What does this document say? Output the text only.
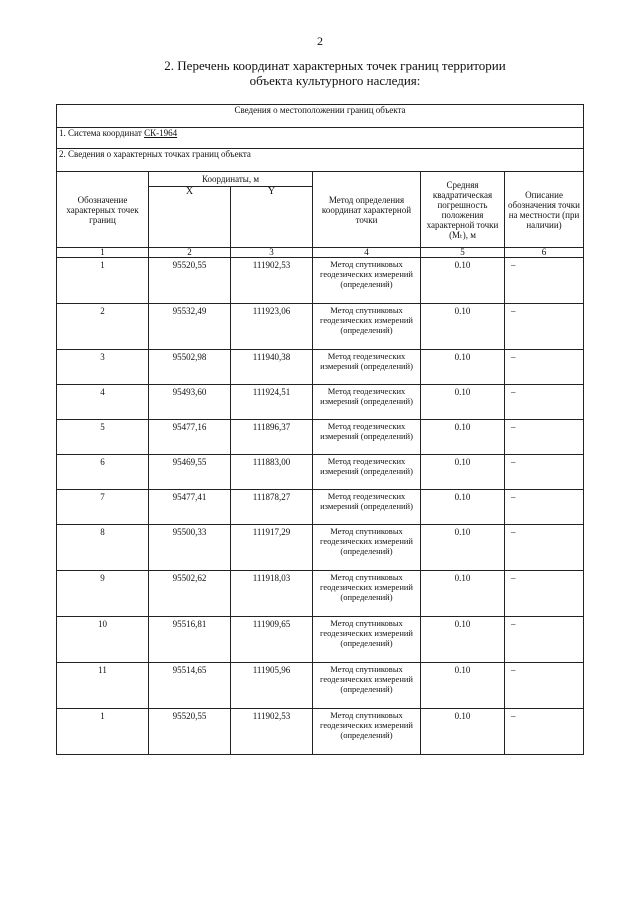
2
2. Перечень координат характерных точек границ территории
объекта культурного наследия:
Сведения о местоположении границ объекта					
1. Система координат СК-1964					
2. Сведения о характерных точках границ объекта					
Обозначение характерных точек границ	Координаты, м		Метод определения координат характерной точки	Средняя квадратическая погрешность положения характерной точки (Mₜ), м	Описание обозначения точки на местности (при наличии)
	X	Y			
1	2	3	4	5	6
1	95520,55	111902,53	Метод спутниковых геодезических измерений (определений)	0.10	–
2	95532,49	111923,06	Метод спутниковых геодезических измерений (определений)	0.10	–
3	95502,98	111940,38	Метод геодезических измерений (определений)	0.10	–
4	95493,60	111924,51	Метод геодезических измерений (определений)	0.10	–
5	95477,16	111896,37	Метод геодезических измерений (определений)	0.10	–
6	95469,55	111883,00	Метод геодезических измерений (определений)	0.10	–
7	95477,41	111878,27	Метод геодезических измерений (определений)	0.10	–
8	95500,33	111917,29	Метод спутниковых геодезических измерений (определений)	0.10	–
9	95502,62	111918,03	Метод спутниковых геодезических измерений (определений)	0.10	–
10	95516,81	111909,65	Метод спутниковых геодезических измерений (определений)	0.10	–
11	95514,65	111905,96	Метод спутниковых геодезических измерений (определений)	0.10	–
1	95520,55	111902,53	Метод спутниковых геодезических измерений (определений)	0.10	–
